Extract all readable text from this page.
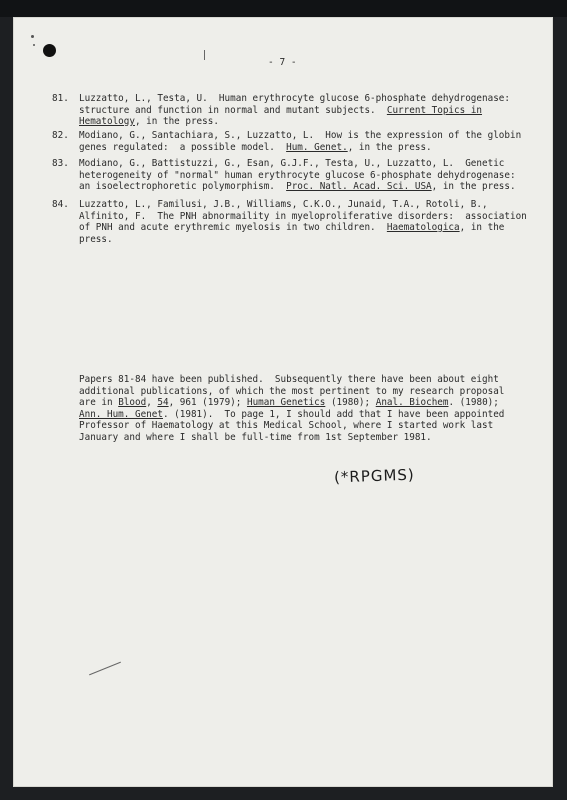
- 7 -
81.	Luzzatto, L., Testa, U.  Human erythrocyte glucose 6-phosphate dehydrogenase:
structure and function in normal and mutant subjects.  Current Topics in
Hematology, in the press.
82.	Modiano, G., Santachiara, S., Luzzatto, L.  How is the expression of the globin
genes regulated:  a possible model.  Hum. Genet., in the press.
83.	Modiano, G., Battistuzzi, G., Esan, G.J.F., Testa, U., Luzzatto, L.  Genetic
heterogeneity of "normal" human erythrocyte glucose 6-phosphate dehydrogenase:
an isoelectrophoretic polymorphism.  Proc. Natl. Acad. Sci. USA, in the press.
84.	Luzzatto, L., Familusi, J.B., Williams, C.K.O., Junaid, T.A., Rotoli, B.,
Alfinito, F.  The PNH abnormaility in myeloproliferative disorders:  association
of PNH and acute erythremic myelosis in two children.  Haematologica, in the
press.
Papers 81-84 have been published.  Subsequently there have been about eight
additional publications, of which the most pertinent to my research proposal
are in Blood, 54, 961 (1979); Human Genetics (1980); Anal. Biochem. (1980);
Ann. Hum. Genet. (1981).  To page 1, I should add that I have been appointed
Professor of Haematology at this Medical School, where I started work last
January and where I shall be full-time from 1st September 1981.
(*RPGMS)
